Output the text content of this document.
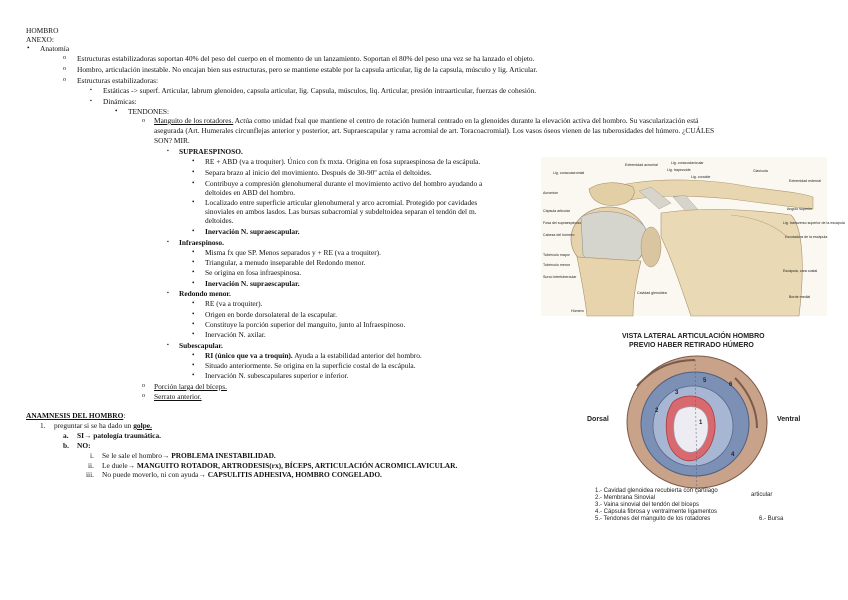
HOMBRO
ANEXO:
• Anatomía
o Estructuras estabilizadoras soportan 40% del peso del cuerpo en el momento de un lanzamiento. Soportan el 80% del peso una vez se ha lanzado el objeto.
o Hombro, articulación inestable. No encajan bien sus estructuras, pero se mantiene estable por la capsula articular, lig de la capsula, músculo y lig. Articular.
o Estructuras estabilizadoras:
▪ Estáticas -> superf. Articular, labrum glenoideo, capsula articular, lig. Capsula, músculos, liq. Articular, presión intraarticular, fuerzas de cohesión.
▪ Dinámicas:
• TENDONES:
o Manguito de los rotadores. Actúa como unidad fxal que mantiene el centro de rotación humeral centrado en la glenoides durante la elevación activa del hombro. Su vascularización está
asegurada (Art. Humerales circunflejas anterior y posterior, art. Supraescapular y rama acromial de art. Toracoacromial). Los vasos óseos vienen de las tuberosidades del húmero. ¿CUÁLES
SON? MIR.
▪ SUPRAESPINOSO.
• RE + ABD (va a troquiter). Único con fx mxta. Origina en fosa supraespinosa de la escápula.
• Separa brazo al inicio del movimiento. Después de 30-90º actúa el deltoides.
• Contribuye a compresión glenohumeral durante el movimiento activo del hombro ayudando a
deltoides en ABD del hombro.
• Localizado entre superficie articular glenohumeral y arco acromial. Protegido por cavidades
sinoviales en ambos lasdos. Las bursas subacromial y subdeltoidea separan el tendón del m.
deltoides.
• Inervación N. supraescapular.
▪ Infraespinoso.
• Misma fx que SP. Menos separados y + RE (va a troquiter).
• Triangular, a menudo inseparable del Redondo menor.
• Se origina en fosa infraespinosa.
• Inervación N. supraescapular.
▪ Redondo menor.
• RE (va a troquiter).
• Origen en borde dorsolateral de la escapular.
• Constituye la porción superior del manguito, junto al Infraespinoso.
• Inervación N. axilar.
▪ Subescapular.
• RI (único que va a troquín). Ayuda a la estabilidad anterior del hombro.
• Situado anteriormente. Se origina en la superficie costal de la escápula.
• Inervación N. subescapulares superior e inferior.
o Porción larga del bíceps.
o Serrato anterior.
ANAMNESIS DEL HOMBRO:
1. preguntar si se ha dado un golpe.
a. SI→ patología traumática.
b. NO:
i. Se le sale el hombro→ PROBLEMA INESTABILIDAD.
ii. Le duele→ MANGUITO ROTADOR, ARTRODESIS(rx), BÍCEPS, ARTICULACIÓN ACROMICLAVICULAR.
iii. No puede moverlo, ni con ayuda→ CAPSULITIS ADHESIVA, HOMBRO CONGELADO.
Acromion
Lig. coracoacromial
Cápsula articular
Fosa del supraespinoso
Cabeza del húmero
Tubérculo mayor
Tubérculo menor
Surco intertubercular
Húmero
Extremidad acromial	Lig. coracoclavicular
Lig. trapezoide
Lig. conoide
Clavícula
Extremidad esternal
Angulo superior
Lig. transverso superior de la escápula
Escotadura de la escápula
Escápula, cara costal
Borde medial
Cavidad glenoidea
VISTA LATERAL ARTICULACIÓN HOMBRO
PREVIO HABER RETIRADO HÚMERO
Dorsal	Ventral
1
2
3
4
5
6
1.- Cavidad glenoidea recubierta con cartílago
2.- Membrana Sinovial	articular
3.- Vaina sinovial del tendón del bíceps
4.- Cápsula fibrosa y ventralmente ligamentos
5.- Tendones del manguito de los rotadores	6.- Bursa
